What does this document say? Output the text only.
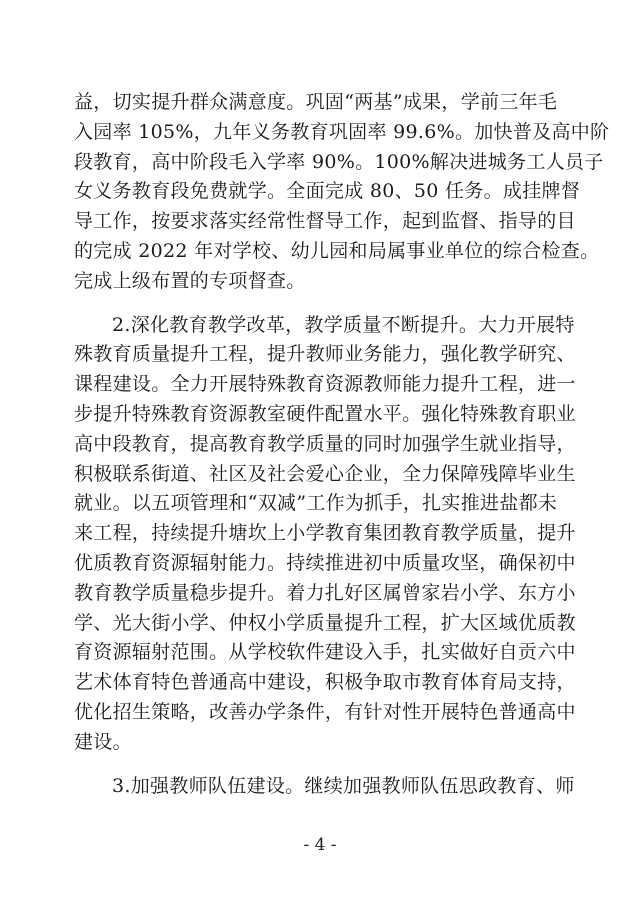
益，切实提升群众满意度。巩固“两基”成果，学前三年毛
入园率 105%，九年义务教育巩固率 99.6%。加快普及高中阶
段教育，高中阶段毛入学率 90%。100%解决进城务工人员子
女义务教育段免费就学。全面完成 80、50 任务。成挂牌督
导工作，按要求落实经常性督导工作，起到监督、指导的目
的完成 2022 年对学校、幼儿园和局属事业单位的综合检查。
完成上级布置的专项督查。
2.深化教育教学改革，教学质量不断提升。大力开展特
殊教育质量提升工程，提升教师业务能力，强化教学研究、
课程建设。全力开展特殊教育资源教师能力提升工程，进一
步提升特殊教育资源教室硬件配置水平。强化特殊教育职业
高中段教育，提高教育教学质量的同时加强学生就业指导，
积极联系街道、社区及社会爱心企业，全力保障残障毕业生
就业。以五项管理和“双减”工作为抓手，扎实推进盐都未
来工程，持续提升塘坎上小学教育集团教育教学质量，提升
优质教育资源辐射能力。持续推进初中质量攻坚，确保初中
教育教学质量稳步提升。着力扎好区属曾家岩小学、东方小
学、光大街小学、仲权小学质量提升工程，扩大区域优质教
育资源辐射范围。从学校软件建设入手，扎实做好自贡六中
艺术体育特色普通高中建设，积极争取市教育体育局支持，
优化招生策略，改善办学条件，有针对性开展特色普通高中
建设。
3.加强教师队伍建设。继续加强教师队伍思政教育、师
- 4 -
